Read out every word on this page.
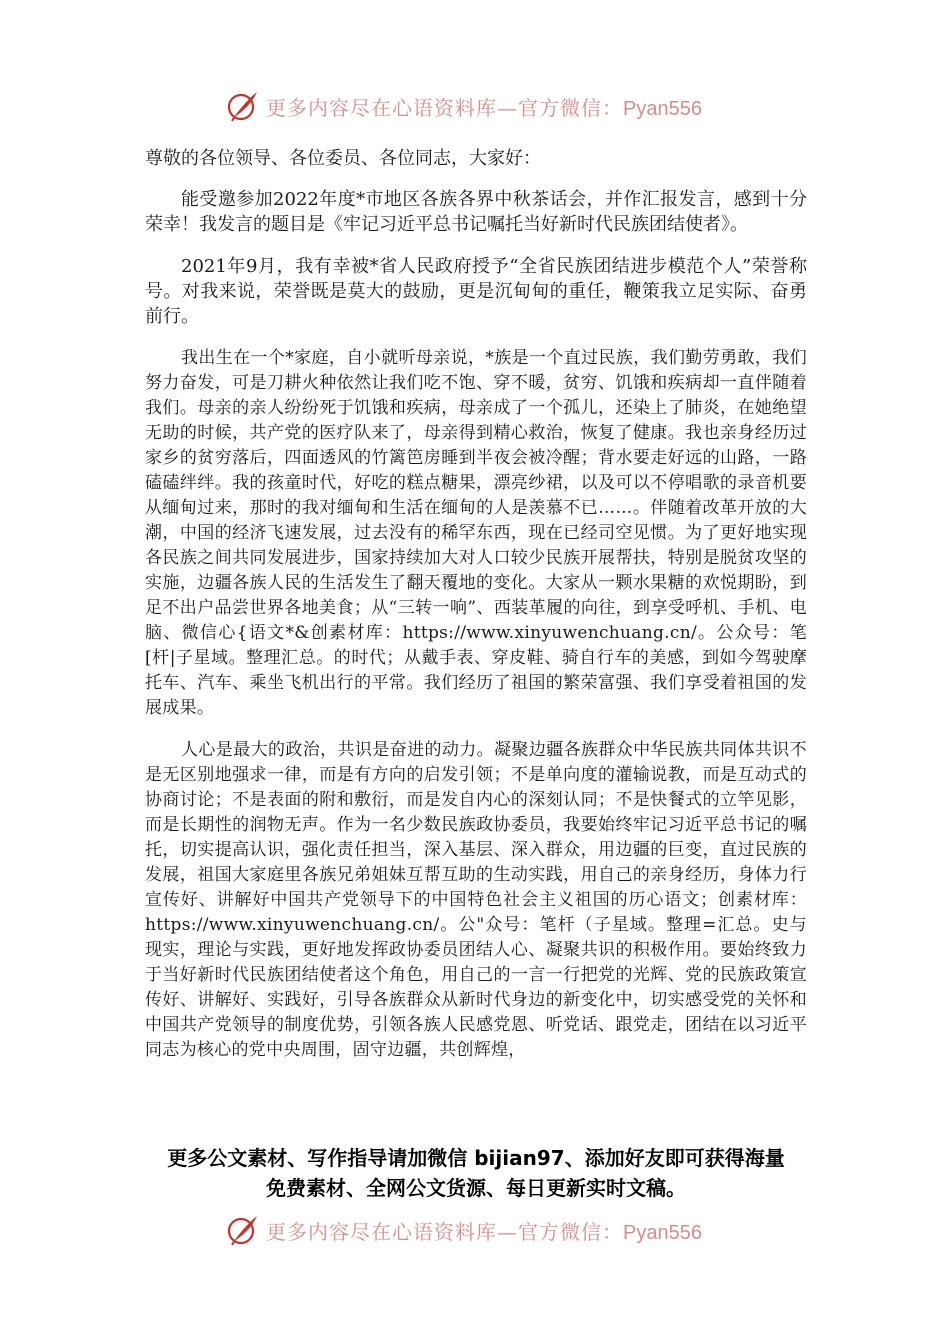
更多内容尽在心语资料库—官方微信：Pyan556
尊敬的各位领导、各位委员、各位同志，大家好：

能受邀参加2022年度*市地区各族各界中秋茶话会，并作汇报发言，感到十分荣幸！我发言的题目是《牢记习近平总书记嘱托当好新时代民族团结使者》。

2021年9月，我有幸被*省人民政府授予“全省民族团结进步模范个人”荣誉称号。对我来说，荣誉既是莫大的鼓励，更是沉甸甸的重任，鞭策我立足实际、奋勇前行。

我出生在一个*家庭，自小就听母亲说，*族是一个直过民族，我们勤劳勇敢，我们努力奋发，可是刀耕火种依然让我们吃不饱、穿不暖，贫穷、饥饿和疾病却一直伴随着我们。母亲的亲人纷纷死于饥饿和疾病，母亲成了一个孤儿，还染上了肺炎，在她绝望无助的时候，共产党的医疗队来了，母亲得到精心救治，恢复了健康。我也亲身经历过家乡的贫穷落后，四面透风的竹篱笆房睡到半夜会被冷醒；背水要走好远的山路，一路磕磕绊绊。我的孩童时代，好吃的糕点糖果，漂亮纱裙，以及可以不停唱歌的录音机要从缅甸过来，那时的我对缅甸和生活在缅甸的人是羡慕不已……。伴随着改革开放的大潮，中国的经济飞速发展，过去没有的稀罕东西，现在已经司空见惯。为了更好地实现各民族之间共同发展进步，国家持续加大对人口较少民族开展帮扶，特别是脱贫攻坚的实施，边疆各族人民的生活发生了翻天覆地的变化。大家从一颗水果糖的欢悦期盼，到足不出户品尝世界各地美食；从“三转一响”、西装革履的向往，到享受呼机、手机、电脑、微信心{语文*&创素材库：https://www.xinyuwenchuang.cn/。公众号：笔[杆|子星域。整理汇总。的时代；从戴手表、穿皮鞋、骑自行车的美感，到如今驾驶摩托车、汽车、乘坐飞机出行的平常。我们经历了祖国的繁荣富强、我们享受着祖国的发展成果。

人心是最大的政治，共识是奋进的动力。凝聚边疆各族群众中华民族共同体共识不是无区别地强求一律，而是有方向的启发引领；不是单向度的灌输说教，而是互动式的协商讨论；不是表面的附和敷衍，而是发自内心的深刻认同；不是快餐式的立竿见影，而是长期性的润物无声。作为一名少数民族政协委员，我要始终牢记习近平总书记的嘱托，切实提高认识，强化责任担当，深入基层、深入群众，用边疆的巨变，直过民族的发展，祖国大家庭里各族兄弟姐妹互帮互助的生动实践，用自己的亲身经历，身体力行宣传好、讲解好中国共产党领导下的中国特色社会主义祖国的历心语文；创素材库：https://www.xinyuwenchuang.cn/。公"众号：笔杆（子星域。整理=汇总。史与现实，理论与实践，更好地发挥政协委员团结人心、凝聚共识的积极作用。要始终致力于当好新时代民族团结使者这个角色，用自己的一言一行把党的光辉、党的民族政策宣传好、讲解好、实践好，引导各族群众从新时代身边的新变化中，切实感受党的关怀和中国共产党领导的制度优势，引领各族人民感党恩、听党话、跟党走，团结在以习近平同志为核心的党中央周围，固守边疆，共创辉煌，

更多公文素材、写作指导请加微信 bijian97、添加好友即可获得海量
免费素材、全网公文货源、每日更新实时文稿。
更多内容尽在心语资料库—官方微信：Pyan556
